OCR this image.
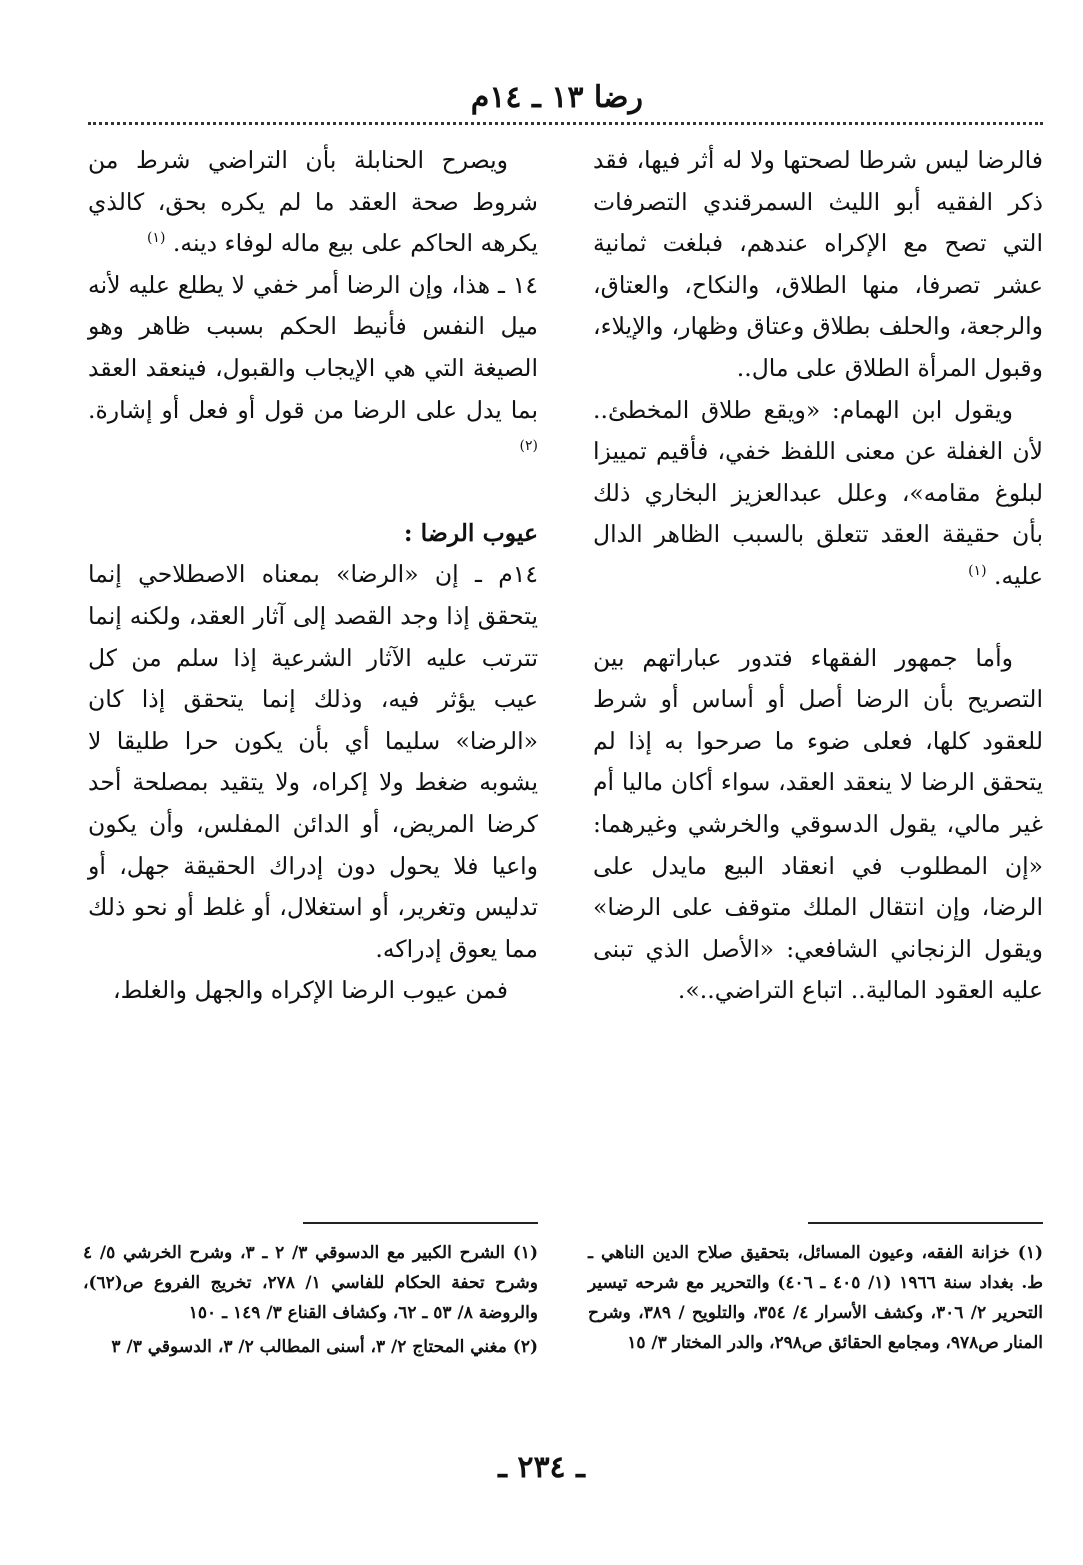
رضا ١٣ ـ ١٤م

فالرضا ليس شرطا لصحتها ولا له أثر فيها، فقد ذكر الفقيه أبو الليث السمرقندي التصرفات التي تصح مع الإكراه عندهم، فبلغت ثمانية عشر تصرفا، منها الطلاق، والنكاح، والعتاق، والرجعة، والحلف بطلاق وعتاق وظهار، والإيلاء، وقبول المرأة الطلاق على مال..

ويقول ابن الهمام: «ويقع طلاق المخطئ.. لأن الغفلة عن معنى اللفظ خفي، فأقيم تمييزا لبلوغ مقامه»، وعلل عبدالعزيز البخاري ذلك بأن حقيقة العقد تتعلق بالسبب الظاهر الدال عليه. $^{(١)}$

وأما جمهور الفقهاء فتدور عباراتهم بين التصريح بأن الرضا أصل أو أساس أو شرط للعقود كلها، فعلى ضوء ما صرحوا به إذا لم يتحقق الرضا لا ينعقد العقد، سواء أكان ماليا أم غير مالي، يقول الدسوقي والخرشي وغيرهما: «إن المطلوب في انعقاد البيع مايدل على الرضا، وإن انتقال الملك متوقف على الرضا» ويقول الزنجاني الشافعي: «الأصل الذي تبنى عليه العقود المالية.. اتباع التراضي..».

ويصرح الحنابلة بأن التراضي شرط من شروط صحة العقد ما لم يكره بحق، كالذي يكرهه الحاكم على بيع ماله لوفاء دينه. $^{(١)}$

١٤ ـ هذا، وإن الرضا أمر خفي لا يطلع عليه لأنه ميل النفس فأنيط الحكم بسبب ظاهر وهو الصيغة التي هي الإيجاب والقبول، فينعقد العقد بما يدل على الرضا من قول أو فعل أو إشارة. $^{(٢)}$

عيوب الرضا :

١٤م ـ إن «الرضا» بمعناه الاصطلاحي إنما يتحقق إذا وجد القصد إلى آثار العقد، ولكنه إنما تترتب عليه الآثار الشرعية إذا سلم من كل عيب يؤثر فيه، وذلك إنما يتحقق إذا كان «الرضا» سليما أي بأن يكون حرا طليقا لا يشوبه ضغط ولا إكراه، ولا يتقيد بمصلحة أحد كرضا المريض، أو الدائن المفلس، وأن يكون واعيا فلا يحول دون إدراك الحقيقة جهل، أو تدليس وتغرير، أو استغلال، أو غلط أو نحو ذلك مما يعوق إدراكه.

فمن عيوب الرضا الإكراه والجهل والغلط،

(١) خزانة الفقه، وعيون المسائل، بتحقيق صلاح الدين الناهي ـ ط. بغداد سنة ١٩٦٦ (١/ ٤٠٥ ـ ٤٠٦) والتحرير مع شرحه تيسير التحرير ٢/ ٣٠٦، وكشف الأسرار ٤/ ٣٥٤، والتلويح / ٣٨٩، وشرح المنار ص٩٧٨، ومجامع الحقائق ص٢٩٨، والدر المختار ٣/ ١٥

(١) الشرح الكبير مع الدسوقي ٣/ ٢ ـ ٣، وشرح الخرشي ٥/ ٤ وشرح تحفة الحكام للفاسي ١/ ٢٧٨، تخريج الفروع ص(٦٢)، والروضة ٨/ ٥٣ ـ ٦٢، وكشاف القناع ٣/ ١٤٩ ـ ١٥٠

(٢) مغني المحتاج ٢/ ٣، أسنى المطالب ٢/ ٣، الدسوقي ٣/ ٣

ـ ٢٣٤ ـ
